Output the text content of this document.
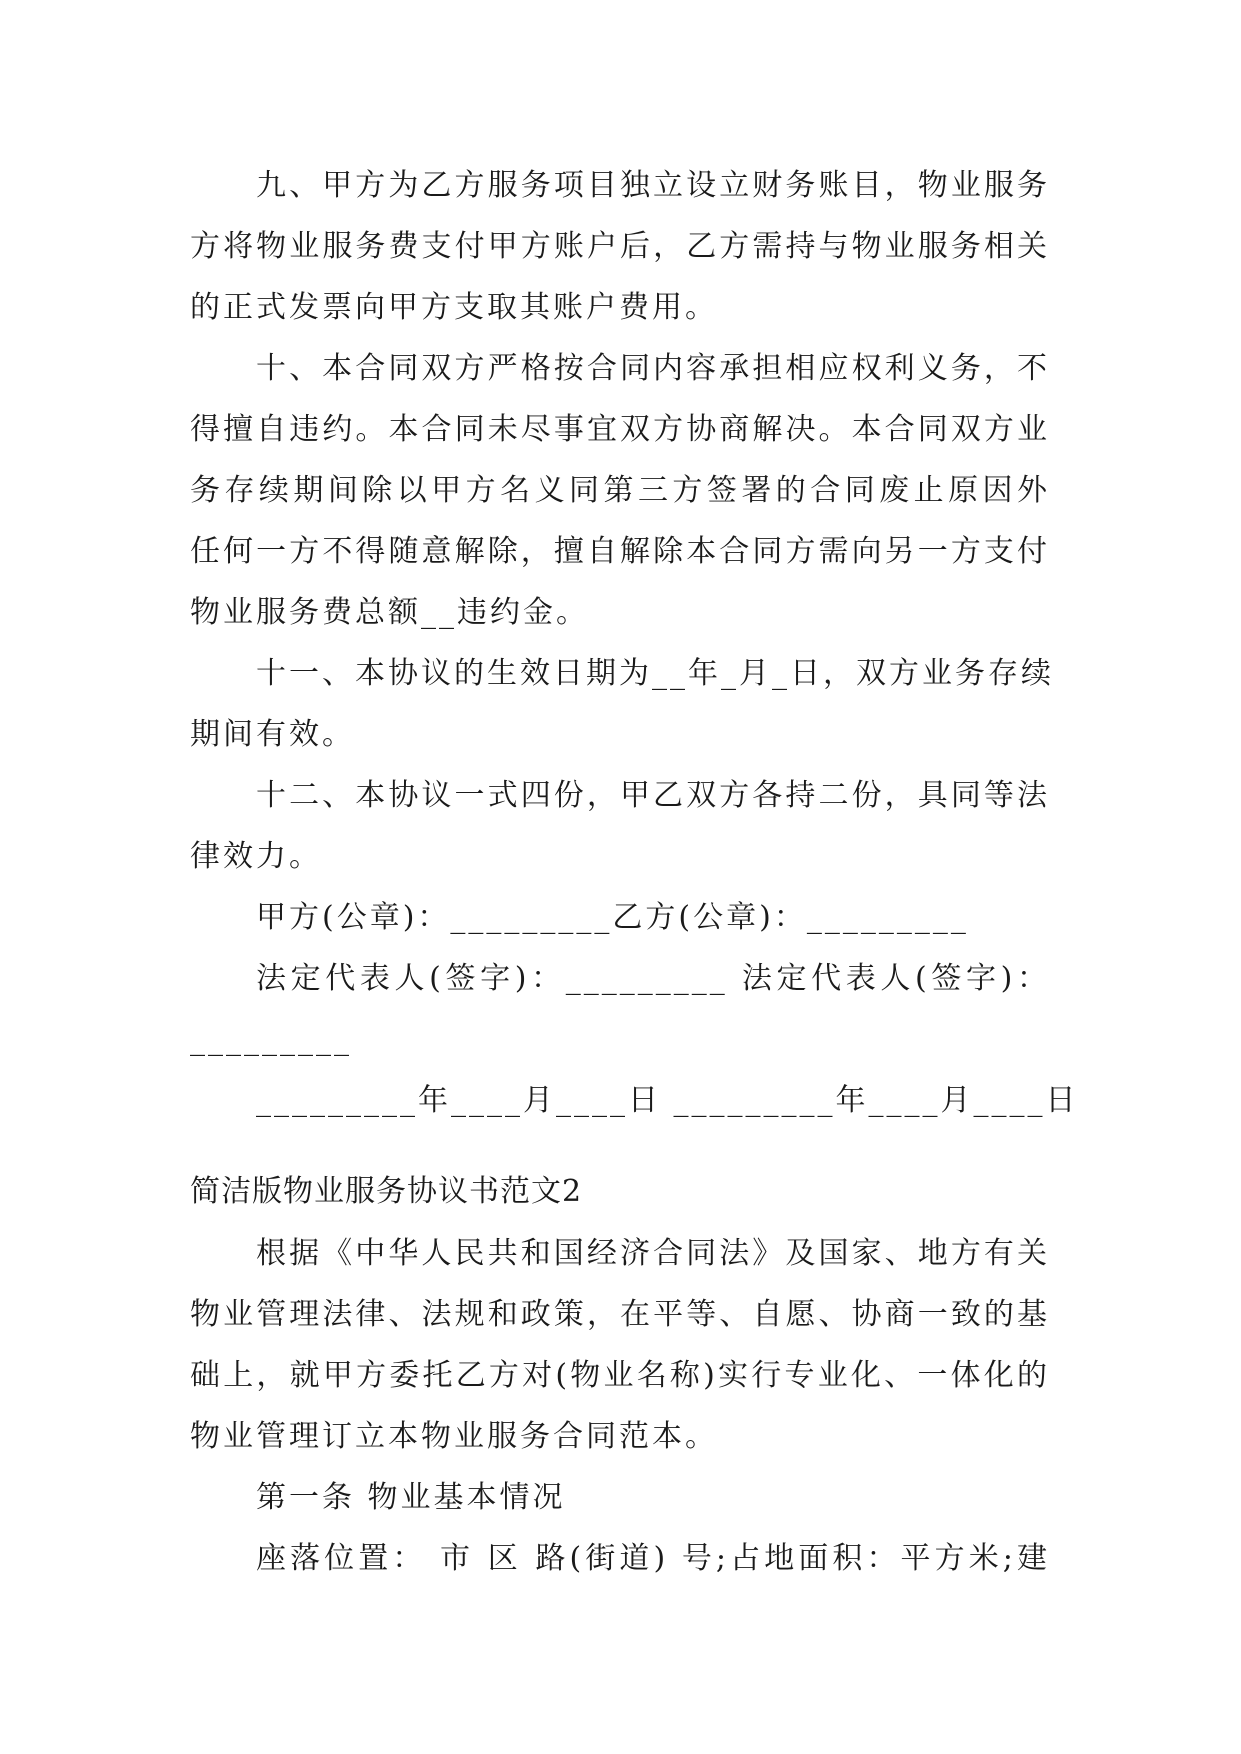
九、甲方为乙方服务项目独立设立财务账目，物业服务
方将物业服务费支付甲方账户后，乙方需持与物业服务相关
的正式发票向甲方支取其账户费用。
十、本合同双方严格按合同内容承担相应权利义务，不
得擅自违约。本合同未尽事宜双方协商解决。本合同双方业
务存续期间除以甲方名义同第三方签署的合同废止原因外
任何一方不得随意解除，擅自解除本合同方需向另一方支付
物业服务费总额__违约金。
十一、本协议的生效日期为__年_月_日，双方业务存续
期间有效。
十二、本协议一式四份，甲乙双方各持二份，具同等法
律效力。
甲方(公章)：_________乙方(公章)：_________
法定代表人(签字)：_________ 法定代表人(签字)：
_________
_________年____月____日 _________年____月____日
简洁版物业服务协议书范文2
根据《中华人民共和国经济合同法》及国家、地方有关
物业管理法律、法规和政策，在平等、自愿、协商一致的基
础上，就甲方委托乙方对(物业名称)实行专业化、一体化的
物业管理订立本物业服务合同范本。
第一条 物业基本情况
座落位置： 市 区 路(街道) 号;占地面积：平方米;建
